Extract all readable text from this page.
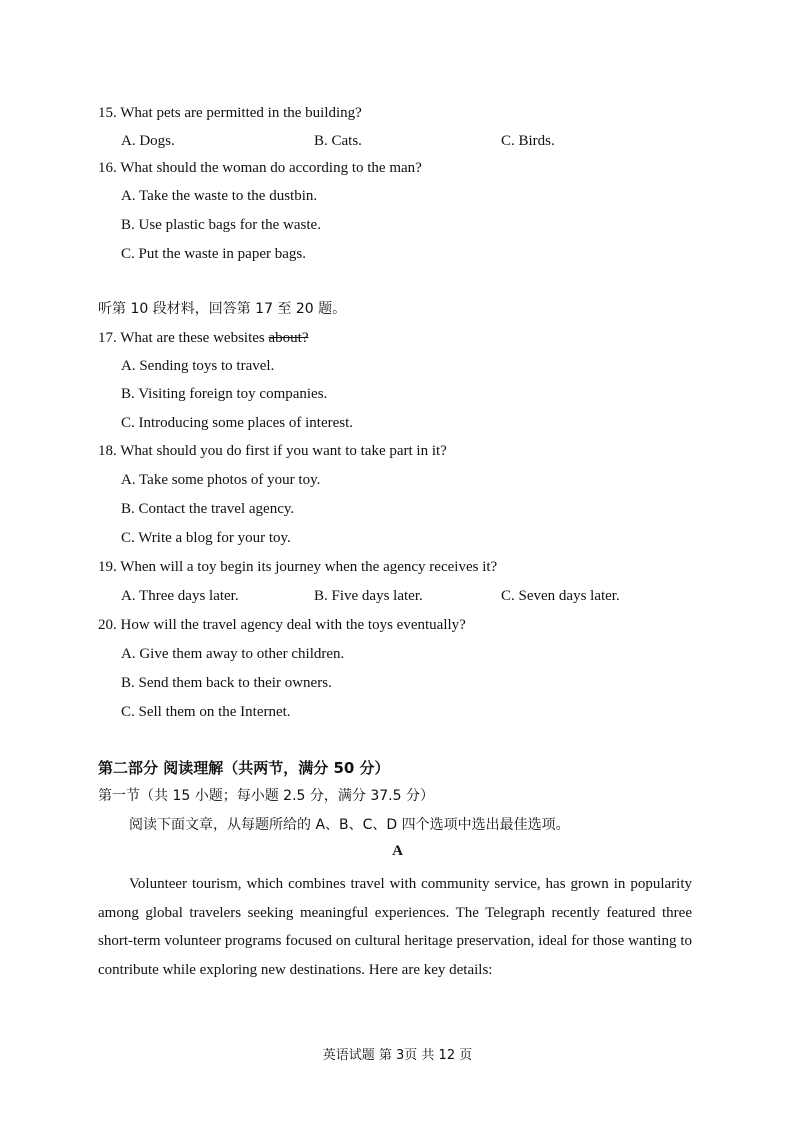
15. What pets are permitted in the building?
A. Dogs.	B. Cats.	C. Birds.
16. What should the woman do according to the man?
A. Take the waste to the dustbin.
B. Use plastic bags for the waste.
C. Put the waste in paper bags.
听第 10 段材料，回答第 17 至 20 题。
17. What are these websites about?
A. Sending toys to travel.
B. Visiting foreign toy companies.
C. Introducing some places of interest.
18. What should you do first if you want to take part in it?
A. Take some photos of your toy.
B. Contact the travel agency.
C. Write a blog for your toy.
19. When will a toy begin its journey when the agency receives it?
A. Three days later.	B. Five days later.	C. Seven days later.
20. How will the travel agency deal with the toys eventually?
A. Give them away to other children.
B. Send them back to their owners.
C. Sell them on the Internet.
第二部分 阅读理解（共两节，满分 50 分）
第一节（共 15 小题；每小题 2.5 分，满分 37.5 分）
阅读下面文章，从每题所给的 A、B、C、D 四个选项中选出最佳选项。
A
Volunteer tourism, which combines travel with community service, has grown in popularity among global travelers seeking meaningful experiences. The Telegraph recently featured three short-term volunteer programs focused on cultural heritage preservation, ideal for those wanting to contribute while exploring new destinations. Here are key details:
英语试题 第 3页 共 12 页
